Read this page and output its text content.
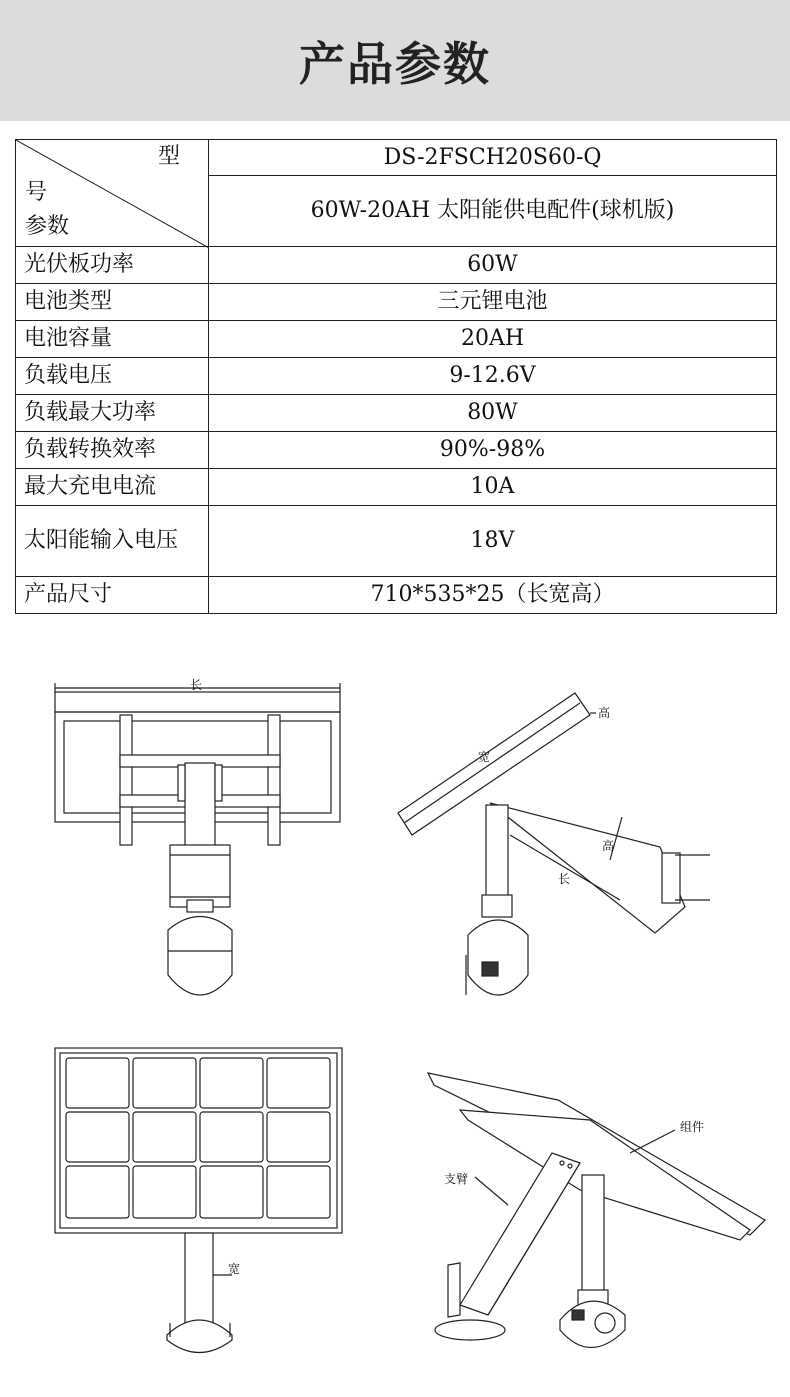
产品参数
型
号
参数	DS-2FSCH20S60-Q
	60W-20AH 太阳能供电配件(球机版)
光伏板功率	60W
电池类型	三元锂电池
电池容量	20AH
负载电压	9-12.6V
负载最大功率	80W
负载转换效率	90%-98%
最大充电电流	10A
太阳能输入电压	18V
产品尺寸	710*535*25（长宽高）
长
高
宽
高
长
宽
组件
支臂
